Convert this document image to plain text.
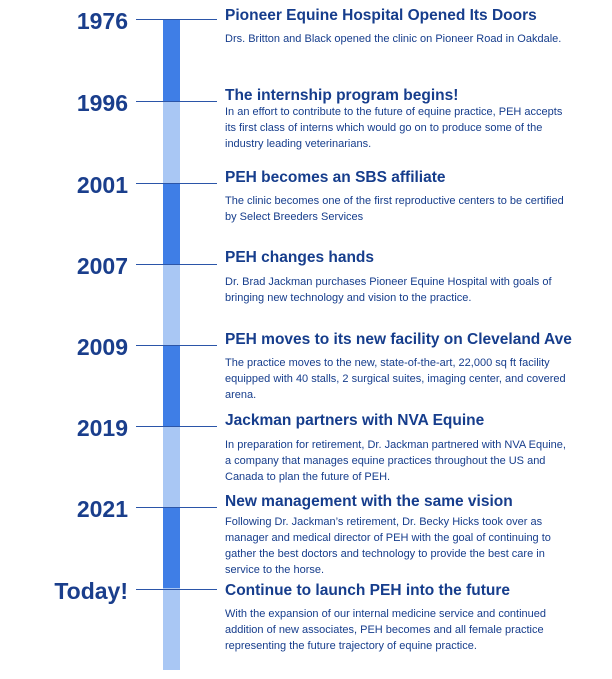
1976	Pioneer Equine Hospital Opened Its Doors
Drs. Britton and Black opened the clinic on Pioneer Road in Oakdale.
1996	The internship program begins!
In an effort to contribute to the future of equine practice, PEH accepts its first class of interns which would go on to produce some of the industry leading veterinarians.
2001	PEH becomes an SBS affiliate
The clinic becomes one of the first reproductive centers to be certified by Select Breeders Services
2007	PEH changes hands
Dr. Brad Jackman purchases Pioneer Equine Hospital with goals of bringing new technology and vision to the practice.
2009	PEH moves to its new facility on Cleveland Ave
The practice moves to the new, state-of-the-art, 22,000 sq ft facility equipped with 40 stalls, 2 surgical suites, imaging center, and covered arena.
2019	Jackman partners with NVA Equine
In preparation for retirement, Dr. Jackman partnered with NVA Equine, a company that manages equine practices throughout the US and Canada to plan the future of PEH.
2021	New management with the same vision
Following Dr. Jackman’s retirement, Dr. Becky Hicks took over as manager and medical director of PEH with the goal of continuing to gather the best doctors and technology to provide the best care in service to the horse.
Today!	Continue to launch PEH into the future
With the expansion of our internal medicine service and continued addition of new associates, PEH becomes and all female practice representing the future trajectory of equine practice.
